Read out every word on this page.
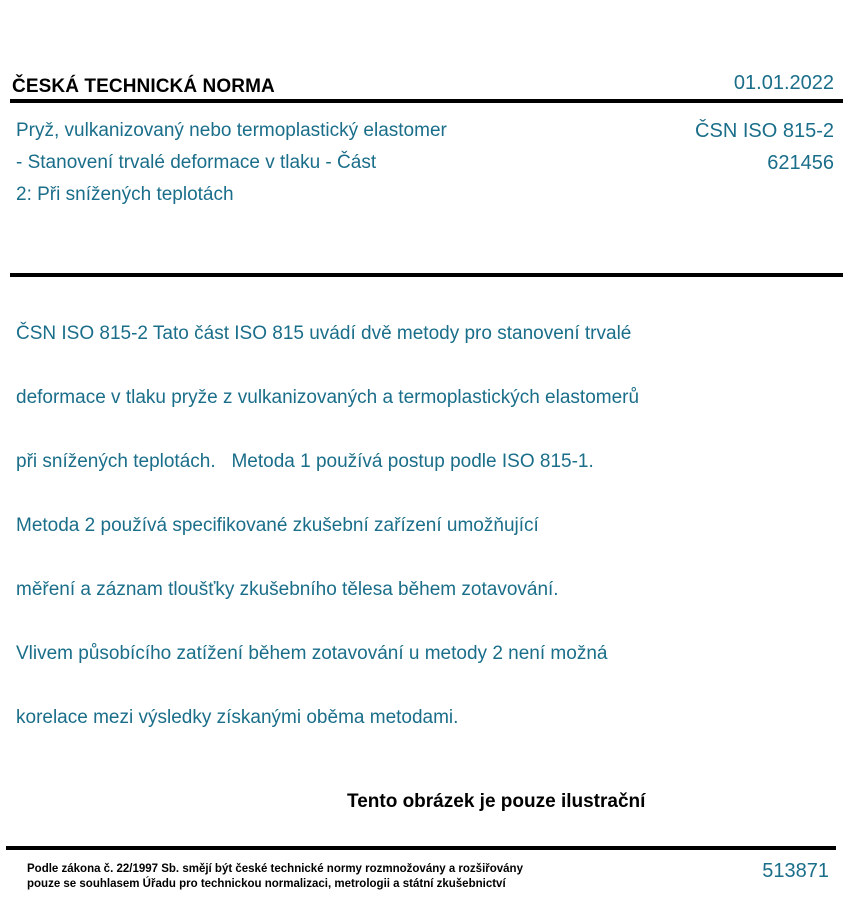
ČESKÁ TECHNICKÁ NORMA	01.01.2022
Pryž, vulkanizovaný nebo termoplastický elastomer
- Stanovení trvalé deformace v tlaku - Část
2: Při snížených teplotách
ČSN ISO 815-2
621456

ČSN ISO 815-2 Tato část ISO 815 uvádí dvě metody pro stanovení trvalé

deformace v tlaku pryže z vulkanizovaných a termoplastických elastomerů

při snížených teplotách.   Metoda 1 používá postup podle ISO 815-1.

Metoda 2 používá specifikované zkušební zařízení umožňující

měření a záznam tloušťky zkušebního tělesa během zotavování.

Vlivem působícího zatížení během zotavování u metody 2 není možná

korelace mezi výsledky získanými oběma metodami.

Tento obrázek je pouze ilustrační
Podle zákona č. 22/1997 Sb. smějí být české technické normy rozmnožovány a rozšiřovány
pouze se souhlasem Úřadu pro technickou normalizaci, metrologii a státní zkušebnictví
513871
